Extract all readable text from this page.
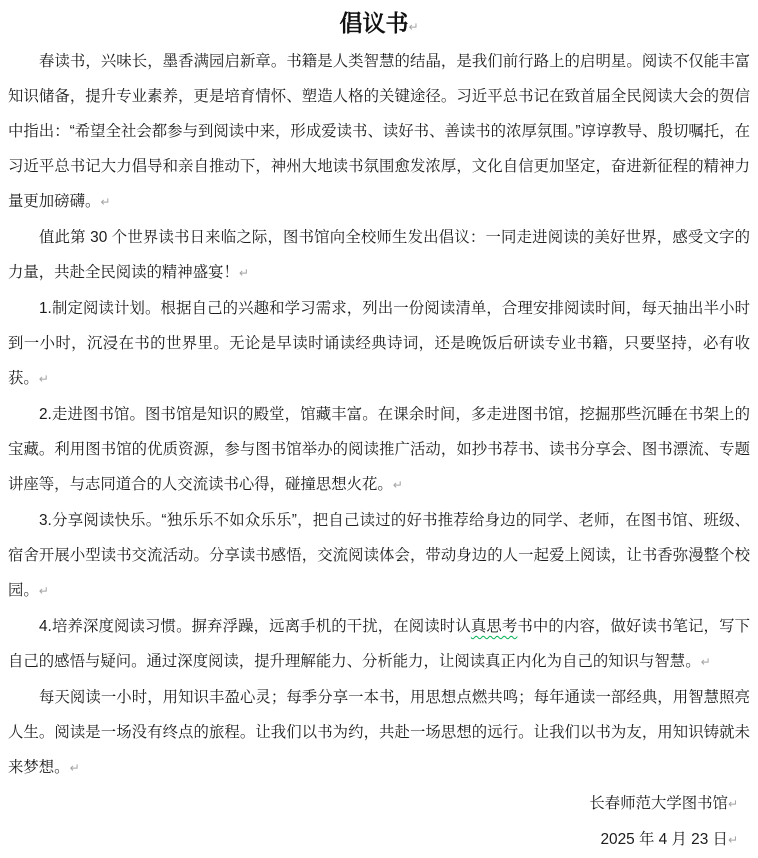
倡议书↵

春读书，兴味长，墨香满园启新章。书籍是人类智慧的结晶，是我们前行路上的启明星。阅读不仅能丰富知识储备，提升专业素养，更是培育情怀、塑造人格的关键途径。习近平总书记在致首届全民阅读大会的贺信中指出：“希望全社会都参与到阅读中来，形成爱读书、读好书、善读书的浓厚氛围。”谆谆教导、殷切嘱托，在习近平总书记大力倡导和亲自推动下，神州大地读书氛围愈发浓厚，文化自信更加坚定，奋进新征程的精神力量更加磅礴。↵

值此第 30 个世界读书日来临之际，图书馆向全校师生发出倡议：一同走进阅读的美好世界，感受文字的力量，共赴全民阅读的精神盛宴！↵

1.制定阅读计划。根据自己的兴趣和学习需求，列出一份阅读清单，合理安排阅读时间，每天抽出半小时到一小时，沉浸在书的世界里。无论是早读时诵读经典诗词，还是晚饭后研读专业书籍，只要坚持，必有收获。↵

2.走进图书馆。图书馆是知识的殿堂，馆藏丰富。在课余时间，多走进图书馆，挖掘那些沉睡在书架上的宝藏。利用图书馆的优质资源，参与图书馆举办的阅读推广活动，如抄书荐书、读书分享会、图书漂流、专题讲座等，与志同道合的人交流读书心得，碰撞思想火花。↵

3.分享阅读快乐。“独乐乐不如众乐乐”，把自己读过的好书推荐给身边的同学、老师，在图书馆、班级、宿舍开展小型读书交流活动。分享读书感悟，交流阅读体会，带动身边的人一起爱上阅读，让书香弥漫整个校园。↵

4.培养深度阅读习惯。摒弃浮躁，远离手机的干扰，在阅读时认真思考书中的内容，做好读书笔记，写下自己的感悟与疑问。通过深度阅读，提升理解能力、分析能力，让阅读真正内化为自己的知识与智慧。↵

每天阅读一小时，用知识丰盈心灵；每季分享一本书，用思想点燃共鸣；每年通读一部经典，用智慧照亮人生。阅读是一场没有终点的旅程。让我们以书为约，共赴一场思想的远行。让我们以书为友，用知识铸就未来梦想。↵

长春师范大学图书馆↵

2025 年 4 月 23 日↵
